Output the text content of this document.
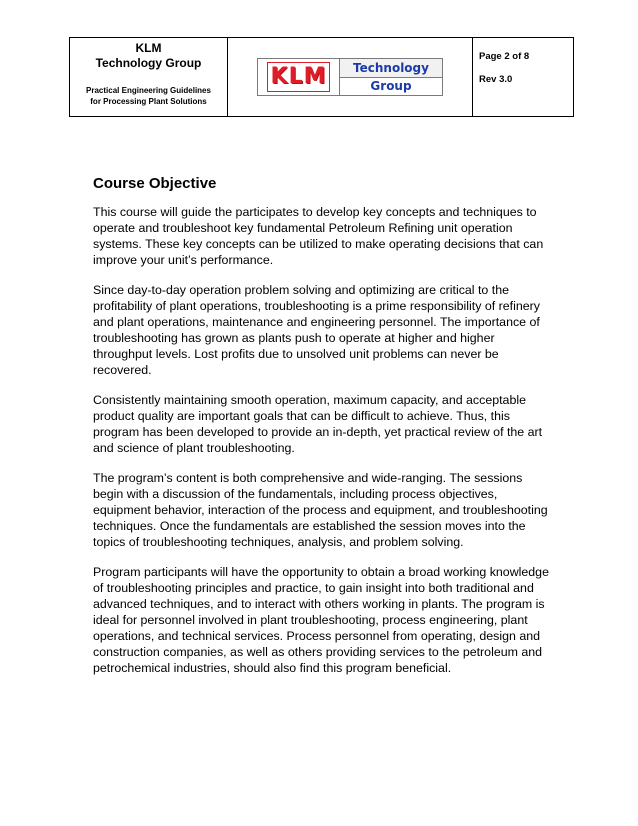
KLM
Technology Group
Practical Engineering Guidelines
for Processing Plant Solutions
KLM	Technology
Group
Page 2 of 8
Rev 3.0
Course Objective

This course will guide the participates to develop key concepts and techniques to operate and troubleshoot key fundamental Petroleum Refining unit operation systems. These key concepts can be utilized to make operating decisions that can improve your unit’s performance.

Since day-to-day operation problem solving and optimizing are critical to the profitability of plant operations, troubleshooting is a prime responsibility of refinery and plant operations, maintenance and engineering personnel. The importance of troubleshooting has grown as plants push to operate at higher and higher throughput levels. Lost profits due to unsolved unit problems can never be recovered.

Consistently maintaining smooth operation, maximum capacity, and acceptable product quality are important goals that can be difficult to achieve. Thus, this program has been developed to provide an in-depth, yet practical review of the art and science of plant troubleshooting.

The program’s content is both comprehensive and wide-ranging. The sessions begin with a discussion of the fundamentals, including process objectives, equipment behavior, interaction of the process and equipment, and troubleshooting techniques. Once the fundamentals are established the session moves into the topics of troubleshooting techniques, analysis, and problem solving.

Program participants will have the opportunity to obtain a broad working knowledge of troubleshooting principles and practice, to gain insight into both traditional and advanced techniques, and to interact with others working in plants. The program is ideal for personnel involved in plant troubleshooting, process engineering, plant operations, and technical services. Process personnel from operating, design and construction companies, as well as others providing services to the petroleum and petrochemical industries, should also find this program beneficial.
